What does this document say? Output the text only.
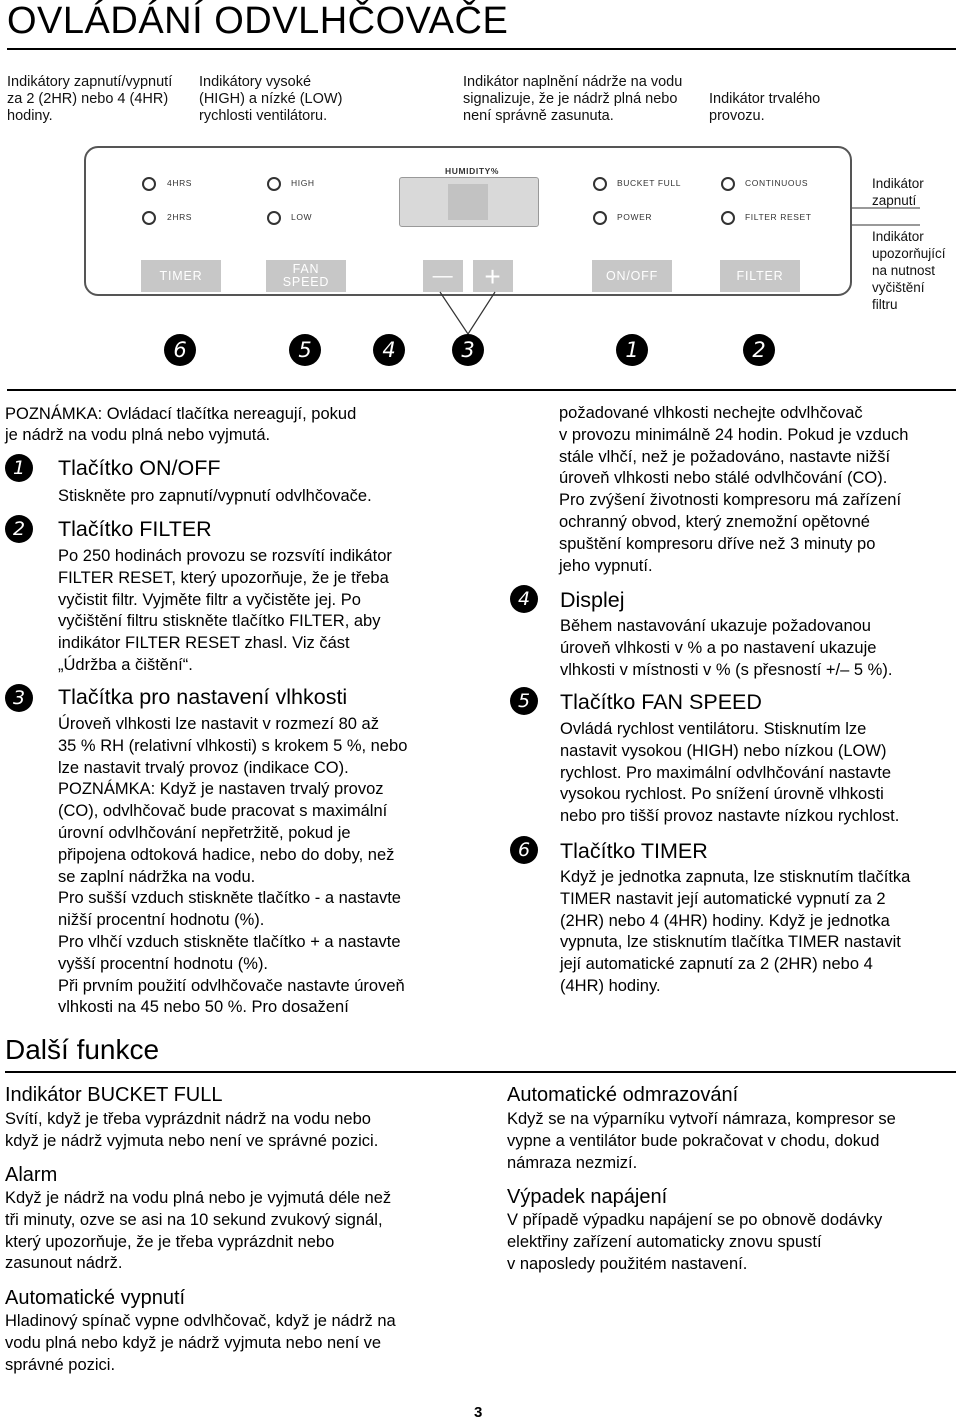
OVLÁDÁNÍ ODVLHČOVAČE
Indikátory zapnutí/vypnutí
za 2 (2HR) nebo 4 (4HR)
hodiny.
Indikátory vysoké
(HIGH) a nízké (LOW)
rychlosti ventilátoru.
Indikátor naplnění nádrže na vodu
signalizuje, že je nádrž plná nebo
není správně zasunuta.
Indikátor trvalého
provozu.
4HRS
2HRS
HIGH
LOW
HUMIDITY%
BUCKET FULL
POWER
CONTINUOUS
FILTER RESET
TIMER	FAN
SPEED	—	+	ON/OFF	FILTER
6	5	4	3	1	2
Indikátor
zapnutí
Indikátor
upozorňující
na nutnost
vyčištění
filtru
POZNÁMKA: Ovládací tlačítka nereagují, pokud
je nádrž na vodu plná nebo vyjmutá.
1	Tlačítko ON/OFF
Stiskněte pro zapnutí/vypnutí odvlhčovače.
2	Tlačítko FILTER
Po 250 hodinách provozu se rozsvítí indikátor
FILTER RESET, který upozorňuje, že je třeba
vyčistit filtr. Vyjměte filtr a vyčistěte jej. Po
vyčištění filtru stiskněte tlačítko FILTER, aby
indikátor FILTER RESET zhasl. Viz část
„Údržba a čištění“.
3	Tlačítka pro nastavení vlhkosti
Úroveň vlhkosti lze nastavit v rozmezí 80 až
35 % RH (relativní vlhkosti) s krokem 5 %, nebo
lze nastavit trvalý provoz (indikace CO).
POZNÁMKA: Když je nastaven trvalý provoz
(CO), odvlhčovač bude pracovat s maximální
úrovní odvlhčování nepřetržitě, pokud je
připojena odtoková hadice, nebo do doby, než
se zaplní nádržka na vodu.
Pro sušší vzduch stiskněte tlačítko - a nastavte
nižší procentní hodnotu (%).
Pro vlhčí vzduch stiskněte tlačítko + a nastavte
vyšší procentní hodnotu (%).
Při prvním použití odvlhčovače nastavte úroveň
vlhkosti na 45 nebo 50 %. Pro dosažení
požadované vlhkosti nechejte odvlhčovač
v provozu minimálně 24 hodin. Pokud je vzduch
stále vlhčí, než je požadováno, nastavte nižší
úroveň vlhkosti nebo stálé odvlhčování (CO).
Pro zvýšení životnosti kompresoru má zařízení
ochranný obvod, který znemožní opětovné
spuštění kompresoru dříve než 3 minuty po
jeho vypnutí.
4	Displej
Během nastavování ukazuje požadovanou
úroveň vlhkosti v % a po nastavení ukazuje
vlhkosti v místnosti v % (s přesností +/– 5 %).
5	Tlačítko FAN SPEED
Ovládá rychlost ventilátoru. Stisknutím lze
nastavit vysokou (HIGH) nebo nízkou (LOW)
rychlost. Pro maximální odvlhčování nastavte
vysokou rychlost. Po snížení úrovně vlhkosti
nebo pro tišší provoz nastavte nízkou rychlost.
6	Tlačítko TIMER
Když je jednotka zapnuta, lze stisknutím tlačítka
TIMER nastavit její automatické vypnutí za 2
(2HR) nebo 4 (4HR) hodiny. Když je jednotka
vypnuta, lze stisknutím tlačítka TIMER nastavit
její automatické zapnutí za 2 (2HR) nebo 4
(4HR) hodiny.
Další funkce
Indikátor BUCKET FULL
Svítí, když je třeba vyprázdnit nádrž na vodu nebo
když je nádrž vyjmuta nebo není ve správné pozici.
Alarm
Když je nádrž na vodu plná nebo je vyjmutá déle než
tři minuty, ozve se asi na 10 sekund zvukový signál,
který upozorňuje, že je třeba vyprázdnit nebo
zasunout nádrž.
Automatické vypnutí
Hladinový spínač vypne odvlhčovač, když je nádrž na
vodu plná nebo když je nádrž vyjmuta nebo není ve
správné pozici.
Automatické odmrazování
Když se na výparníku vytvoří námraza, kompresor se
vypne a ventilátor bude pokračovat v chodu, dokud
námraza nezmizí.
Výpadek napájení
V případě výpadku napájení se po obnově dodávky
elektřiny zařízení automaticky znovu spustí
v naposledy použitém nastavení.
3
